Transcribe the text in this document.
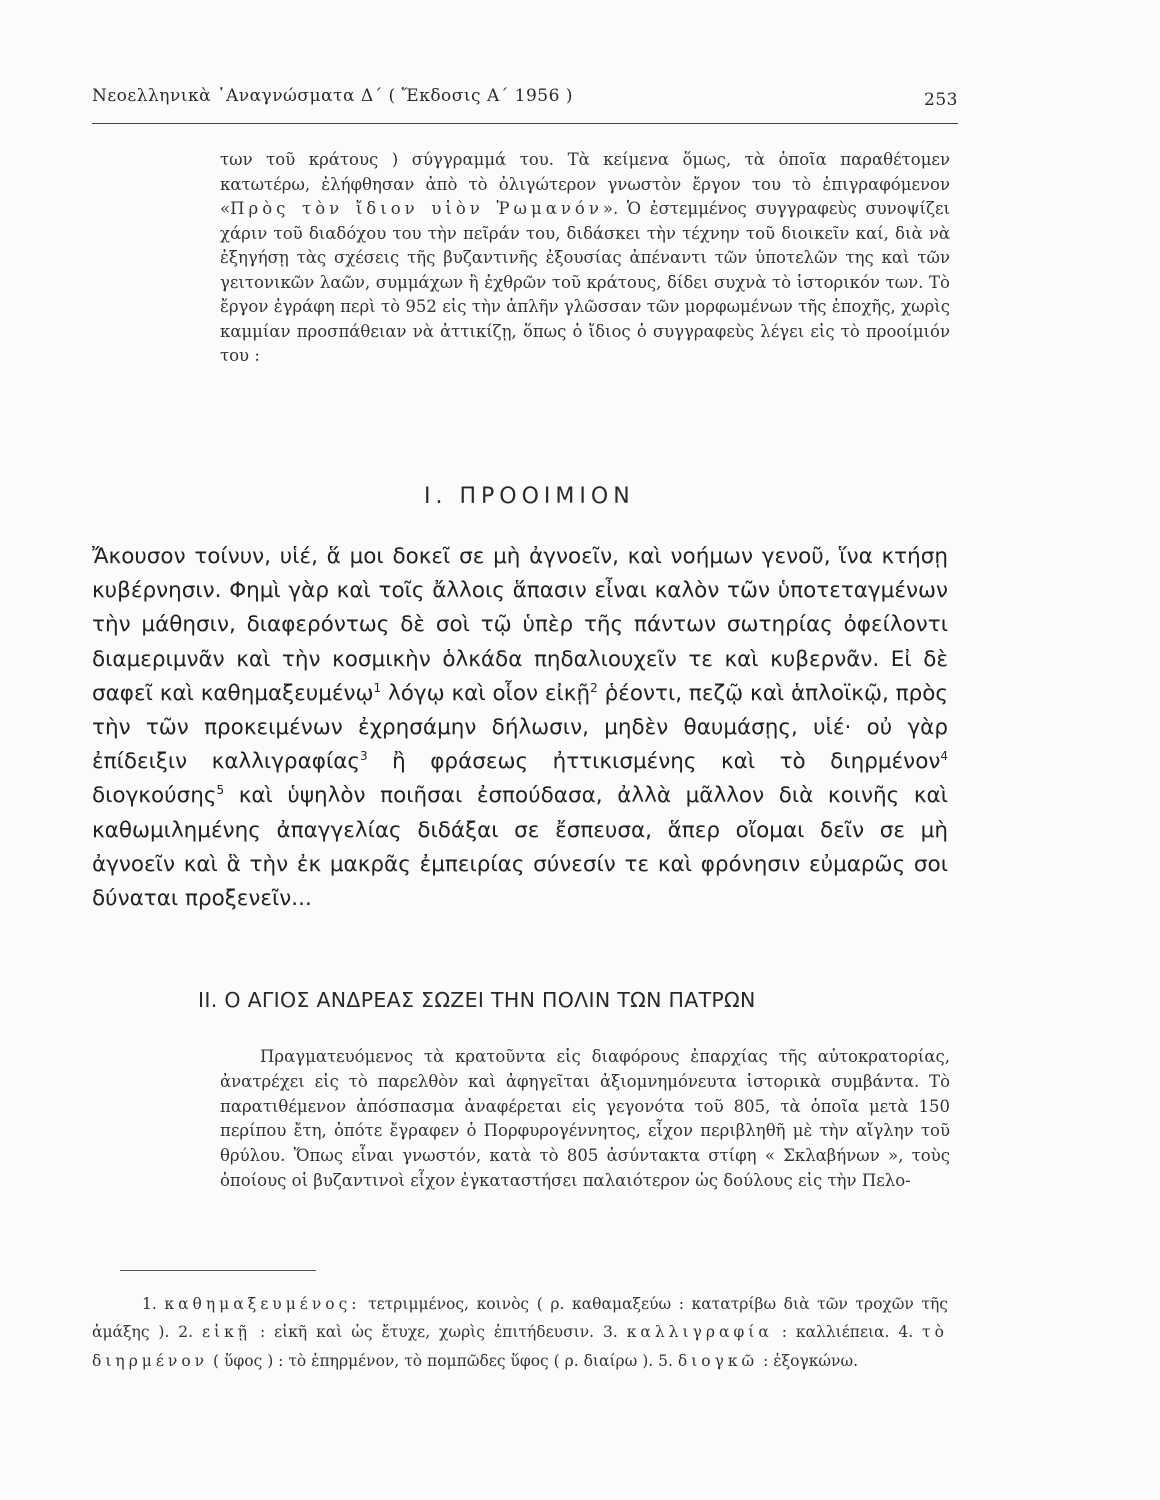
Νεοελληνικὰ ᾿Αναγνώσματα Δ΄ ( Ἔκδοσις Α΄ 1956 )	253

των τοῦ κράτους ) σύγγραμμά του. Τὰ κείμενα ὅμως, τὰ ὁποῖα παραθέτομεν κατωτέρω, ἐλήφθησαν ἀπὸ τὸ ὀλιγώτερον γνωστὸν ἔργον του τὸ ἐπιγραφόμενον «Πρὸς τὸν ἴδιον υἱὸν Ῥωμανόν». Ὁ ἐστεμμένος συγγραφεὺς συνοψίζει χάριν τοῦ διαδόχου του τὴν πεῖράν του, διδάσκει τὴν τέχνην τοῦ διοικεῖν καί, διὰ νὰ ἐξηγήσῃ τὰς σχέσεις τῆς βυζαντινῆς ἐξουσίας ἀπέναντι τῶν ὑποτελῶν της καὶ τῶν γειτονικῶν λαῶν, συμμάχων ἢ ἐχθρῶν τοῦ κράτους, δίδει συχνὰ τὸ ἱστορικόν των. Τὸ ἔργον ἐγράφη περὶ τὸ 952 εἰς τὴν ἁπλῆν γλῶσσαν τῶν μορφωμένων τῆς ἐποχῆς, χωρὶς καμμίαν προσπάθειαν νὰ ἀττικίζῃ, ὅπως ὁ ἴδιος ὁ συγγραφεὺς λέγει εἰς τὸ προοίμιόν του :

I. ΠΡΟΟΙΜΙΟΝ

Ἄκουσον τοίνυν, υἱέ, ἅ μοι δοκεῖ σε μὴ ἀγνοεῖν, καὶ νοήμων γενοῦ, ἵνα κτήσῃ κυβέρνησιν. Φημὶ γὰρ καὶ τοῖς ἄλλοις ἅπασιν εἶναι καλὸν τῶν ὑποτεταγμένων τὴν μάθησιν, διαφερόντως δὲ σοὶ τῷ ὑπὲρ τῆς πάντων σωτηρίας ὀφείλοντι διαμεριμνᾶν καὶ τὴν κοσμικὴν ὁλκάδα πηδαλιουχεῖν τε καὶ κυβερνᾶν. Εἰ δὲ σαφεῖ καὶ καθημαξευμένῳ$^1$ λόγῳ καὶ οἷον εἰκῇ$^2$ ῥέοντι, πεζῷ καὶ ἁπλοϊκῷ, πρὸς τὴν τῶν προκειμένων ἐχρησάμην δήλωσιν, μηδὲν θαυμάσῃς, υἱέ· οὐ γὰρ ἐπίδειξιν καλλιγραφίας$^3$ ἢ φράσεως ἠττικισμένης καὶ τὸ διηρμένον$^4$ διογκούσης$^5$ καὶ ὑψηλὸν ποιῆσαι ἐσπούδασα, ἀλλὰ μᾶλλον διὰ κοινῆς καὶ καθωμιλημένης ἀπαγγελίας διδάξαι σε ἔσπευσα, ἅπερ οἴομαι δεῖν σε μὴ ἀγνοεῖν καὶ ἃ τὴν ἐκ μακρᾶς ἐμπειρίας σύνεσίν τε καὶ φρόνησιν εὐμαρῶς σοι δύναται προξενεῖν...

II. Ο ΑΓΙΟΣ ΑΝΔΡΕΑΣ ΣΩΖΕΙ ΤΗΝ ΠΟΛΙΝ ΤΩΝ ΠΑΤΡΩΝ

Πραγματευόμενος τὰ κρατοῦντα εἰς διαφόρους ἐπαρχίας τῆς αὐτοκρατορίας, ἀνατρέχει εἰς τὸ παρελθὸν καὶ ἀφηγεῖται ἀξιομνημόνευτα ἱστορικὰ συμβάντα. Τὸ παρατιθέμενον ἀπόσπασμα ἀναφέρεται εἰς γεγονότα τοῦ 805, τὰ ὁποῖα μετὰ 150 περίπου ἔτη, ὁπότε ἔγραφεν ὁ Πορφυρογέννητος, εἶχον περιβληθῆ μὲ τὴν αἴγλην τοῦ θρύλου. Ὅπως εἶναι γνωστόν, κατὰ τὸ 805 ἀσύντακτα στίφη « Σκλαβήνων », τοὺς ὁποίους οἱ βυζαντινοὶ εἶχον ἐγκαταστήσει παλαιότερον ὡς δούλους εἰς τὴν Πελο-

1. καθημαξευμένος: τετριμμένος, κοινὸς ( ρ. καθαμαξεύω : κατατρίβω διὰ τῶν τροχῶν τῆς ἁμάξης ). 2. εἰκῇ : εἰκῆ καὶ ὡς ἔτυχε, χωρὶς ἐπιτήδευσιν. 3. καλλιγραφία : καλλιέπεια. 4. τὸ διηρμένον ( ὕφος ) : τὸ ἐπηρμένον, τὸ πομπῶδες ὕφος ( ρ. διαίρω ). 5. διογκῶ : ἐξογκώνω.
